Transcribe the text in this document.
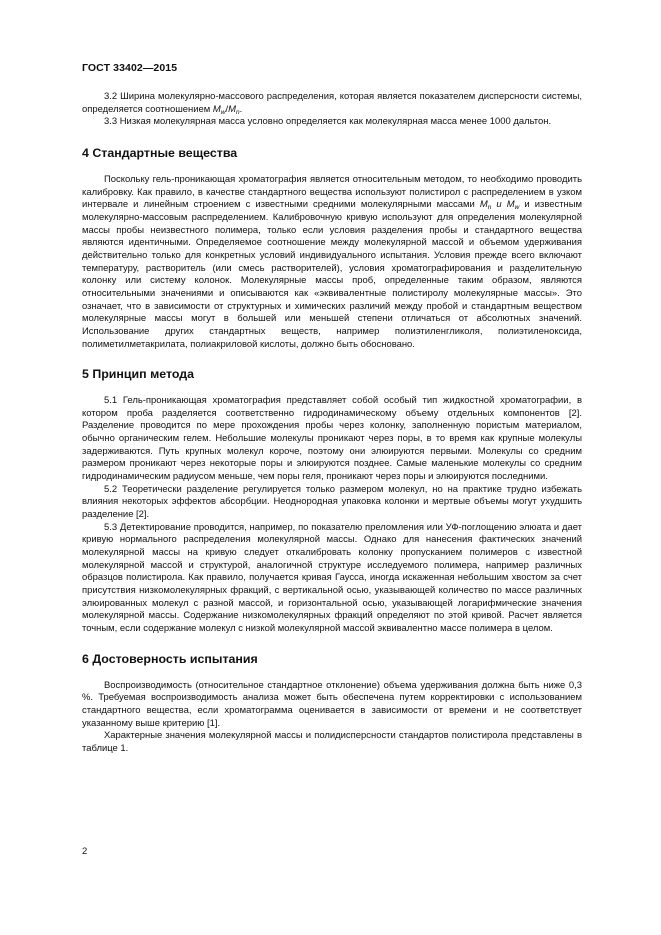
ГОСТ 33402—2015

3.2 Ширина молекулярно-массового распределения, которая является показателем дисперсности системы, определяется соотношением $M_w/M_n$.

3.3 Низкая молекулярная масса условно определяется как молекулярная масса менее 1000 дальтон.

4 Стандартные вещества

Поскольку гель-проникающая хроматография является относительным методом, то необходимо проводить калибровку. Как правило, в качестве стандартного вещества используют полистирол с распределением в узком интервале и линейным строением с известными средними молекулярными массами $M_n$ и $M_w$ и известным молекулярно-массовым распределением. Калибровочную кривую используют для определения молекулярной массы пробы неизвестного полимера, только если условия разделения пробы и стандартного вещества являются идентичными. Определяемое соотношение между молекулярной массой и объемом удерживания действительно только для конкретных условий индивидуального испытания. Условия прежде всего включают температуру, растворитель (или смесь растворителей), условия хроматографирования и разделительную колонку или систему колонок. Молекулярные массы проб, определенные таким образом, являются относительными значениями и описываются как «эквивалентные полистиролу молекулярные массы». Это означает, что в зависимости от структурных и химических различий между пробой и стандартным веществом молекулярные массы могут в большей или меньшей степени отличаться от абсолютных значений. Использование других стандартных веществ, например полиэтиленгликоля, полиэтиленоксида, полиметилметакрилата, полиакриловой кислоты, должно быть обосновано.

5 Принцип метода

5.1 Гель-проникающая хроматография представляет собой особый тип жидкостной хроматографии, в котором проба разделяется соответственно гидродинамическому объему отдельных компонентов [2]. Разделение проводится по мере прохождения пробы через колонку, заполненную пористым материалом, обычно органическим гелем. Небольшие молекулы проникают через поры, в то время как крупные молекулы задерживаются. Путь крупных молекул короче, поэтому они элюируются первыми. Молекулы со средним размером проникают через некоторые поры и элюируются позднее. Самые маленькие молекулы со средним гидродинамическим радиусом меньше, чем поры геля, проникают через поры и элюируются последними.

5.2 Теоретически разделение регулируется только размером молекул, но на практике трудно избежать влияния некоторых эффектов абсорбции. Неоднородная упаковка колонки и мертвые объемы могут ухудшить разделение [2].

5.3 Детектирование проводится, например, по показателю преломления или УФ-поглощению элюата и дает кривую нормального распределения молекулярной массы. Однако для нанесения фактических значений молекулярной массы на кривую следует откалибровать колонку пропусканием полимеров с известной молекулярной массой и структурой, аналогичной структуре исследуемого полимера, например различных образцов полистирола. Как правило, получается кривая Гаусса, иногда искаженная небольшим хвостом за счет присутствия низкомолекулярных фракций, с вертикальной осью, указывающей количество по массе различных элюированных молекул с разной массой, и горизонтальной осью, указывающей логарифмические значения молекулярной массы. Содержание низкомолекулярных фракций определяют по этой кривой. Расчет является точным, если содержание молекул с низкой молекулярной массой эквивалентно массе полимера в целом.

6 Достоверность испытания

Воспроизводимость (относительное стандартное отклонение) объема удерживания должна быть ниже 0,3 %. Требуемая воспроизводимость анализа может быть обеспечена путем корректировки с использованием стандартного вещества, если хроматограмма оценивается в зависимости от времени и не соответствует указанному выше критерию [1].

Характерные значения молекулярной массы и полидисперсности стандартов полистирола представлены в таблице 1.

2
